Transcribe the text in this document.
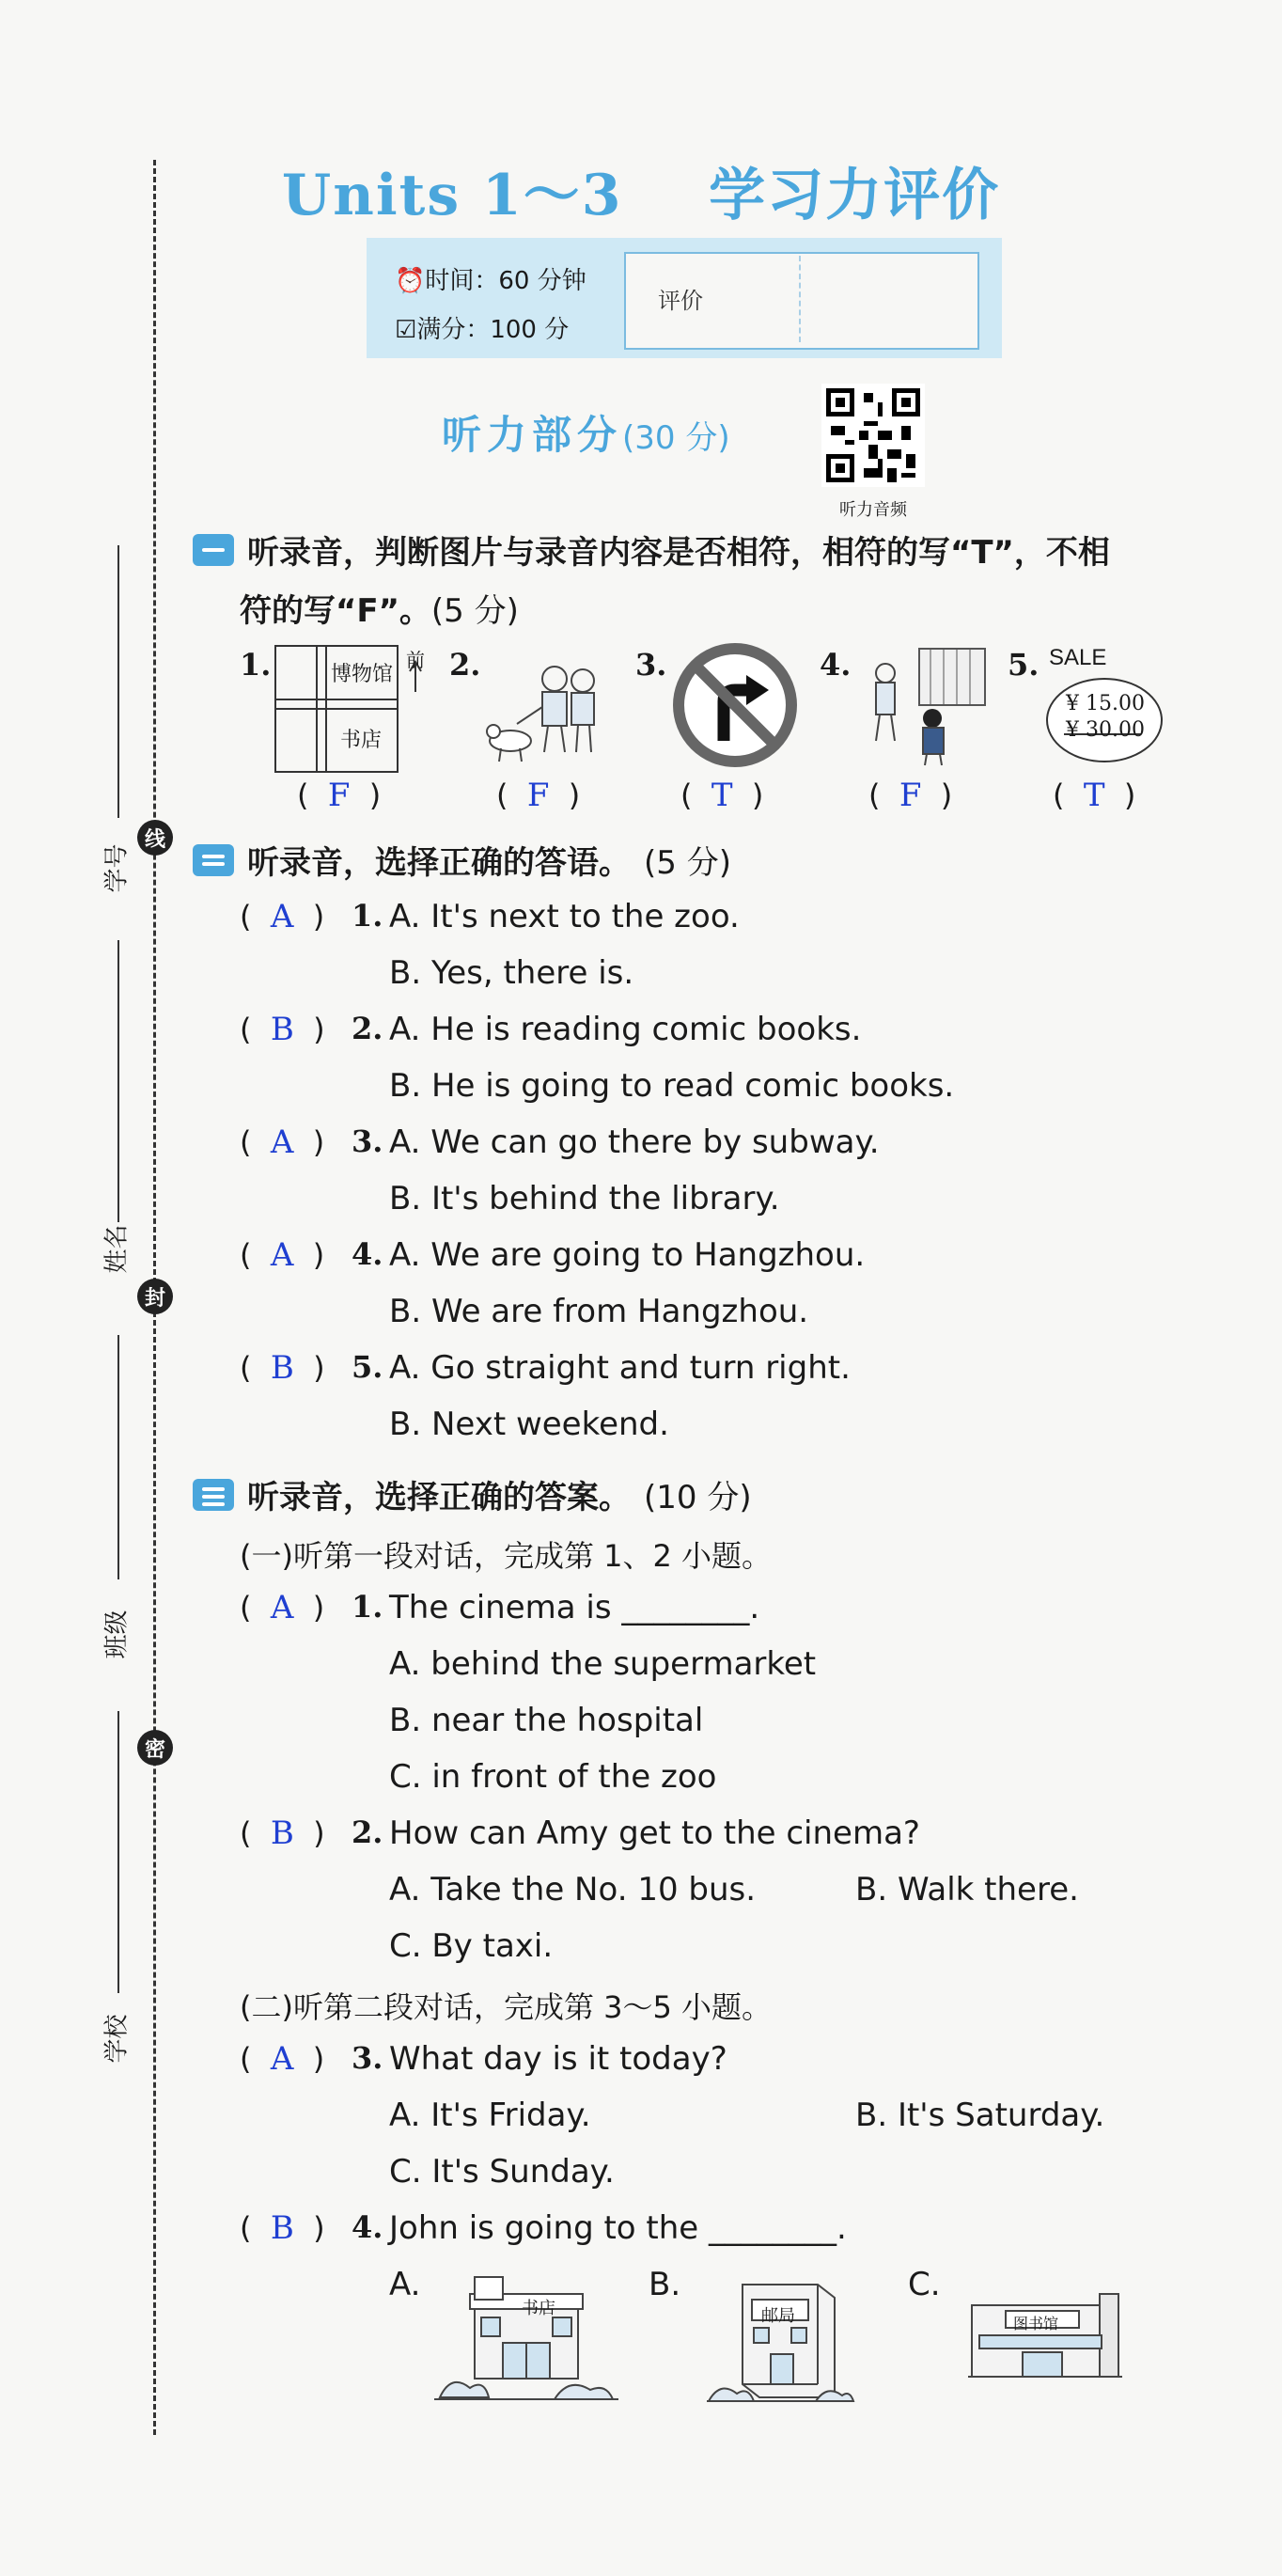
学号
线
姓名
封
班级
密
学校
Units 1～3 学习力评价
⏰时间：60 分钟
☑满分：100 分
评价
听力部分(30 分)
听力音频
听录音，判断图片与录音内容是否相符，相符的写“T”，不相
符的写“F”。(5 分)
1.	博物馆
书店
前 2.	3.	4.	5. SALE
¥ 15.00
¥ 30.00
(  F  )	(  F  )	(  T  )	(  F  )	(  T  )
听录音，选择正确的答语。 (5 分)
(  A  ) 1. A. It's next to the zoo.
B. Yes, there is.
(  B  ) 2. A. He is reading comic books.
B. He is going to read comic books.
(  A  ) 3. A. We can go there by subway.
B. It's behind the library.
(  A  ) 4. A. We are going to Hangzhou.
B. We are from Hangzhou.
(  B  ) 5. A. Go straight and turn right.
B. Next weekend.
听录音，选择正确的答案。 (10 分)
(一)听第一段对话，完成第 1、2 小题。
(  A  ) 1. The cinema is ________.
A. behind the supermarket
B. near the hospital
C. in front of the zoo
(  B  ) 2. How can Amy get to the cinema?
A. Take the No. 10 bus.	B. Walk there.
C. By taxi.
(二)听第二段对话，完成第 3～5 小题。
(  A  ) 3. What day is it today?
A. It's Friday.	B. It's Saturday.
C. It's Sunday.
(  B  ) 4. John is going to the ________.
A.	B.	C.
书店	邮局	图书馆
